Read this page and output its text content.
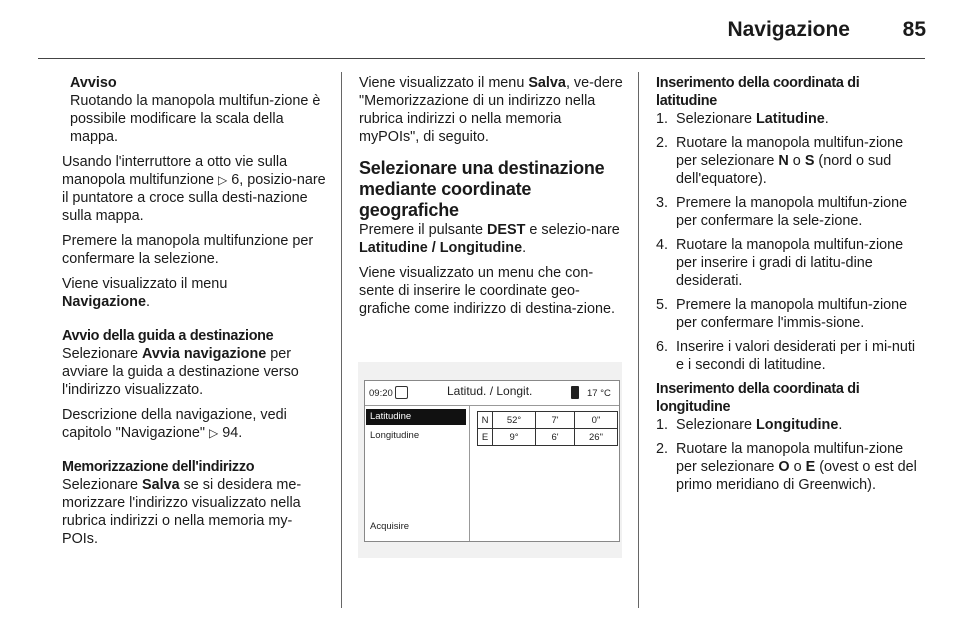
Navigazione	85
Avviso
Ruotando la manopola multifun-zione è possibile modificare la scala della mappa.

Usando l'interruttore a otto vie sulla manopola multifunzione ▷ 6, posizio-nare il puntatore a croce sulla desti-nazione sulla mappa.

Premere la manopola multifunzione per confermare la selezione.

Viene visualizzato il menu
Navigazione.

Avvio della guida a destinazione

Selezionare Avvia navigazione per avviare la guida a destinazione verso l'indirizzo visualizzato.

Descrizione della navigazione, vedi capitolo "Navigazione" ▷ 94.

Memorizzazione dell'indirizzo

Selezionare Salva se si desidera me-morizzare l'indirizzo visualizzato nella rubrica indirizzi o nella memoria my-POIs.

Viene visualizzato il menu Salva, ve-dere "Memorizzazione di un indirizzo nella rubrica indirizzi o nella memoria myPOIs", di seguito.

Selezionare una destinazione mediante coordinate geografiche

Premere il pulsante DEST e selezio-nare Latitudine / Longitudine.

Viene visualizzato un menu che con-sente di inserire le coordinate geo-grafiche come indirizzo di destina-zione.

09:20	Latitud. / Longit.	17 °C
Latitudine
Longitudine
Acquisire
N	52°	7'	0"
E	9°	6'	26"
Inserimento della coordinata di latitudine
1. Selezionare Latitudine.
2. Ruotare la manopola multifun-zione per selezionare N o S (nord o sud dell'equatore).
3. Premere la manopola multifun-zione per confermare la sele-zione.
4. Ruotare la manopola multifun-zione per inserire i gradi di latitu-dine desiderati.
5. Premere la manopola multifun-zione per confermare l'immis-sione.
6. Inserire i valori desiderati per i mi-nuti e i secondi di latitudine.
Inserimento della coordinata di longitudine
1. Selezionare Longitudine.
2. Ruotare la manopola multifun-zione per selezionare O o E (ovest o est del primo meridiano di Greenwich).
